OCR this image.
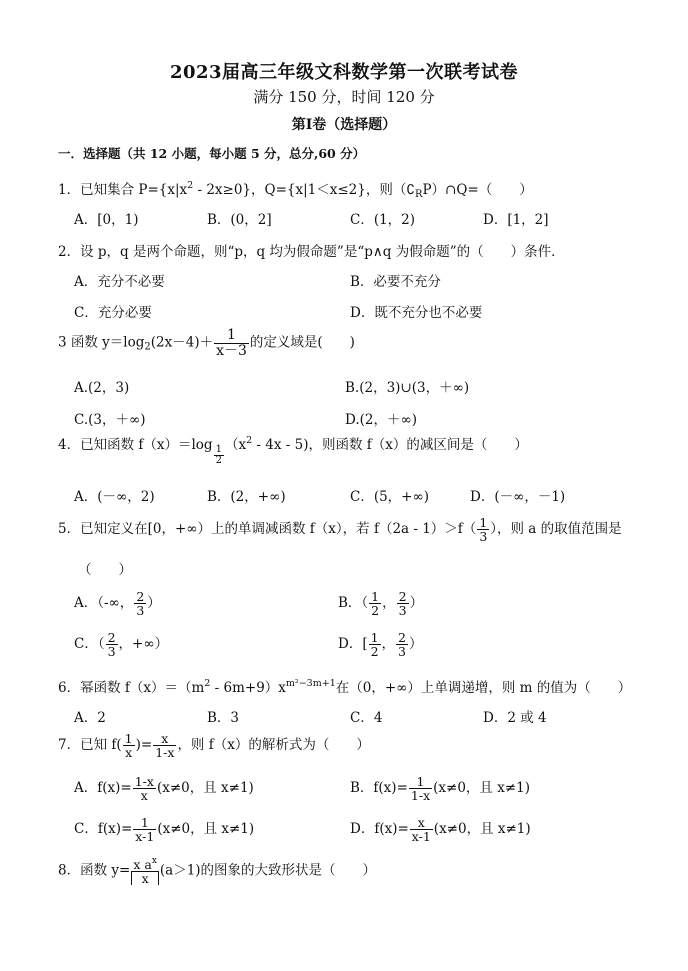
2023届高三年级文科数学第一次联考试卷
满分 150 分，时间 120 分
第Ⅰ卷（选择题）
一．选择题（共 12 小题，每小题 5 分，总分,60 分）
1．已知集合 $P=\{x|x^2 - 2x\ge 0\}$，Q={x|1＜x≤2}，则$(∁_RP)\cap Q=$（　　）
A．[0，1)	B．(0，2]	C．(1，2)	D．[1，2]
2．设 p，q 是两个命题，则“p，q 均为假命题”是“p∧q 为假命题”的（　　）条件．
A．充分不必要	B．必要不充分
C．充分必要	D．既不充分也不必要
3 函数 $y=\log_2(2x-4)+ \frac{1}{x-3}$ 的定义域是(　　)
A.(2，3)	B.(2，3)∪(3，＋∞)
C.(3，＋∞)	D.(2，＋∞)
4．已知函数 $f(x)=\log \frac{1}{2} (x^2 - 4x - 5)$，则函数 f（x）的减区间是（　　）
A．(－∞，2)	B．(2，+∞)	C．(5，+∞)	D．(－∞，－1)
5．已知定义在[0，+∞）上的单调减函数 f（x），若 $f(2a - 1)>f( \frac{1}{3}$ ），则 a 的取值范围是
（　　）
A．（-∞， $\frac{2}{3}$ ）	B．（ $\frac{1}{2}$ ， $\frac{2}{3}$ ）
C．（ $\frac{2}{3}$ ，+∞）	D．[ $\frac{1}{2}$ ， $\frac{2}{3}$ ）
6．幂函数 $f(x)=(m^2 - 6m+9)x^{m^2-3m+1}$在（0，+∞）上单调递增，则 m 的值为（　　）
A．2	B．3	C．4	D．2 或 4
7．已知 $f( \frac{1}{x}$ )= $\frac{x}{1-x}$ ，则 f（x）的解析式为（　　）
A．$f(x)= \frac{1-x}{x} (x\ne 0$，且 x≠1)	B．$f(x)= \frac{1}{1-x} (x\ne 0$，且 x≠1)
C．$f(x)= \frac{1}{x-1} (x\ne 0$，且 x≠1)	D．$f(x)= \frac{x}{x-1} (x\ne 0$，且 x≠1)
8．函数 $y= \frac{x a^x}{x} (a>1)$的图象的大致形状是（　　）
